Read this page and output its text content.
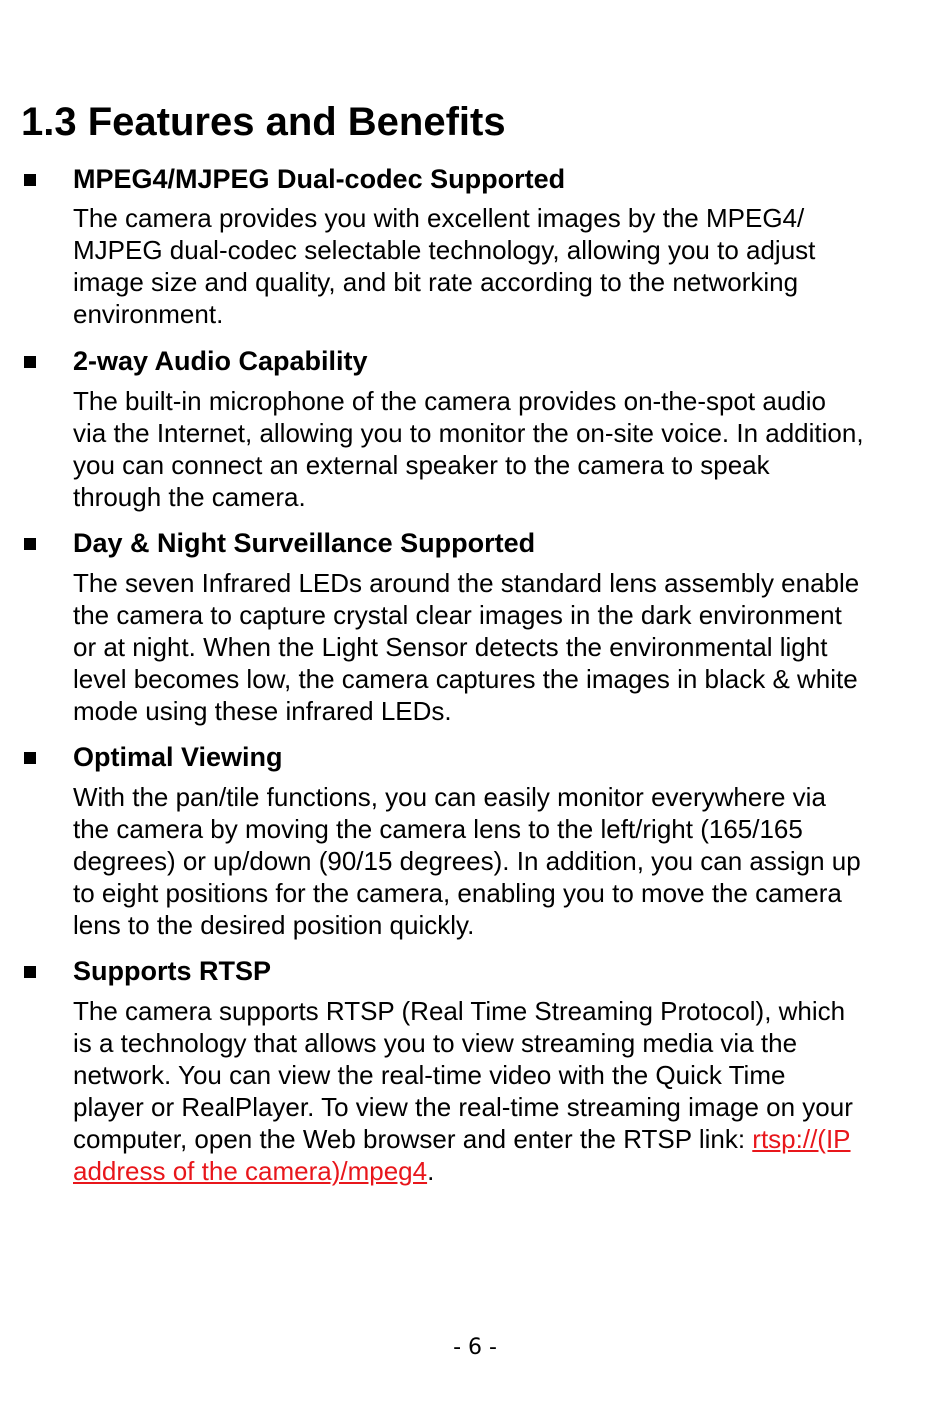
1.3 Features and Benefits
MPEG4/MJPEG Dual-codec Supported

The camera provides you with excellent images by the MPEG4/
MJPEG dual-codec selectable technology, allowing you to adjust
image size and quality, and bit rate according to the networking
environment.

2-way Audio Capability

The built-in microphone of the camera provides on-the-spot audio
via the Internet, allowing you to monitor the on-site voice. In addition,
you can connect an external speaker to the camera to speak
through the camera.

Day & Night Surveillance Supported

The seven Infrared LEDs around the standard lens assembly enable
the camera to capture crystal clear images in the dark environment
or at night. When the Light Sensor detects the environmental light
level becomes low, the camera captures the images in black & white
mode using these infrared LEDs.

Optimal Viewing

With the pan/tile functions, you can easily monitor everywhere via
the camera by moving the camera lens to the left/right (165/165
degrees) or up/down (90/15 degrees). In addition, you can assign up
to eight positions for the camera, enabling you to move the camera
lens to the desired position quickly.

Supports RTSP

The camera supports RTSP (Real Time Streaming Protocol), which
is a technology that allows you to view streaming media via the
network. You can view the real-time video with the Quick Time
player or RealPlayer. To view the real-time streaming image on your
computer, open the Web browser and enter the RTSP link: rtsp://(IP
address of the camera)/mpeg4.

- 6 -
